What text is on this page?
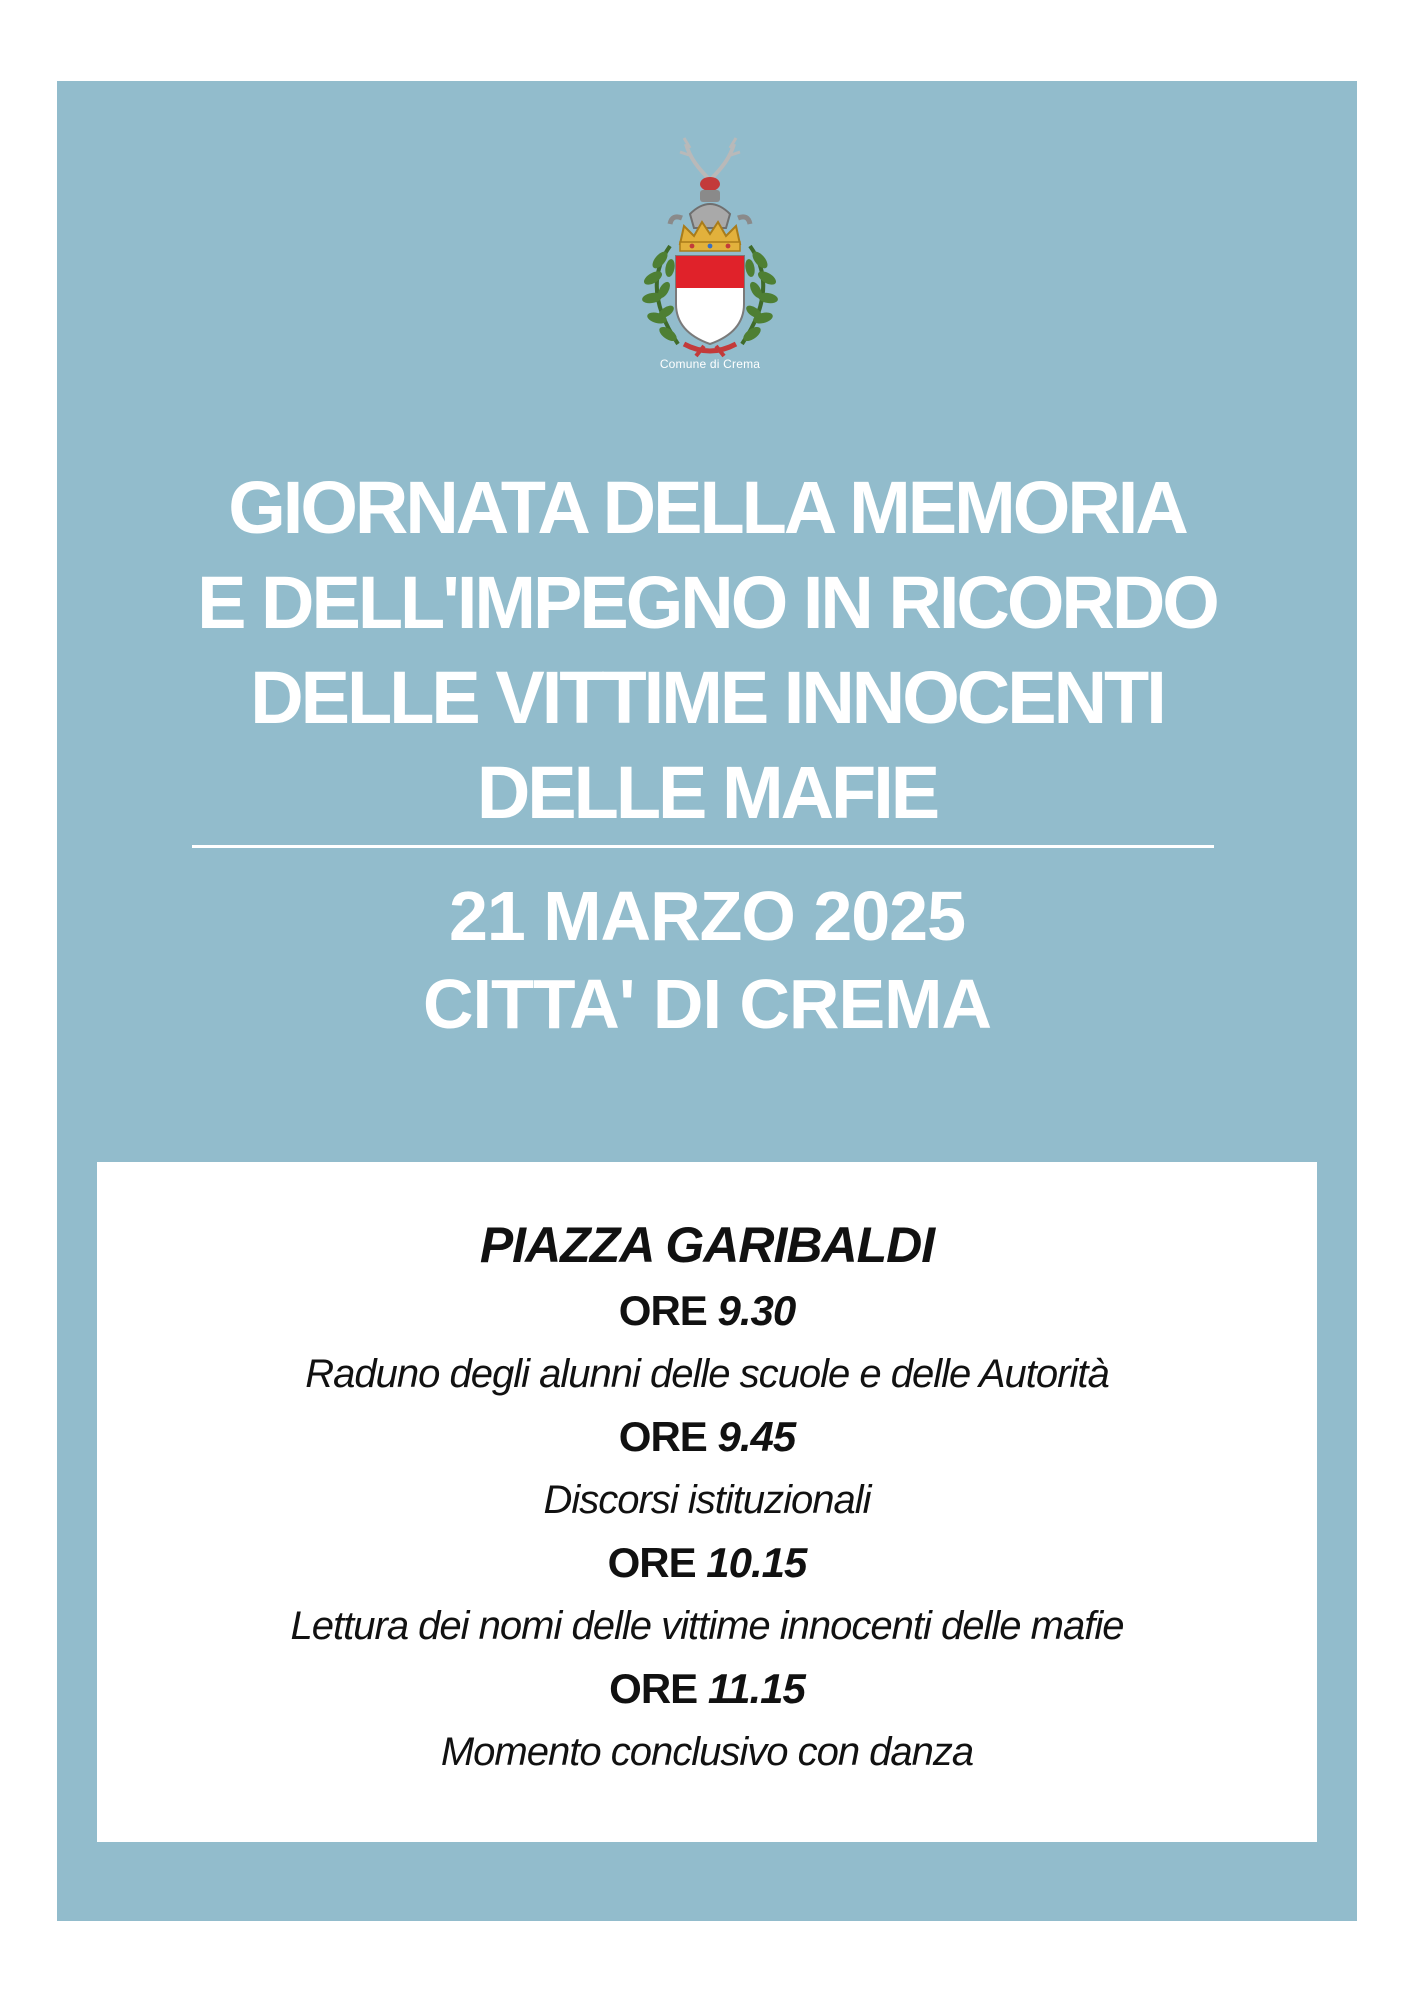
Comune di Crema
GIORNATA DELLA MEMORIA
E DELL'IMPEGNO IN RICORDO
DELLE VITTIME INNOCENTI
DELLE MAFIE
21 MARZO 2025
CITTA' DI CREMA
PIAZZA GARIBALDI
ORE 9.30
Raduno degli alunni delle scuole e delle Autorità
ORE 9.45
Discorsi istituzionali
ORE 10.15
Lettura dei nomi delle vittime innocenti delle mafie
ORE 11.15
Momento conclusivo con danza
